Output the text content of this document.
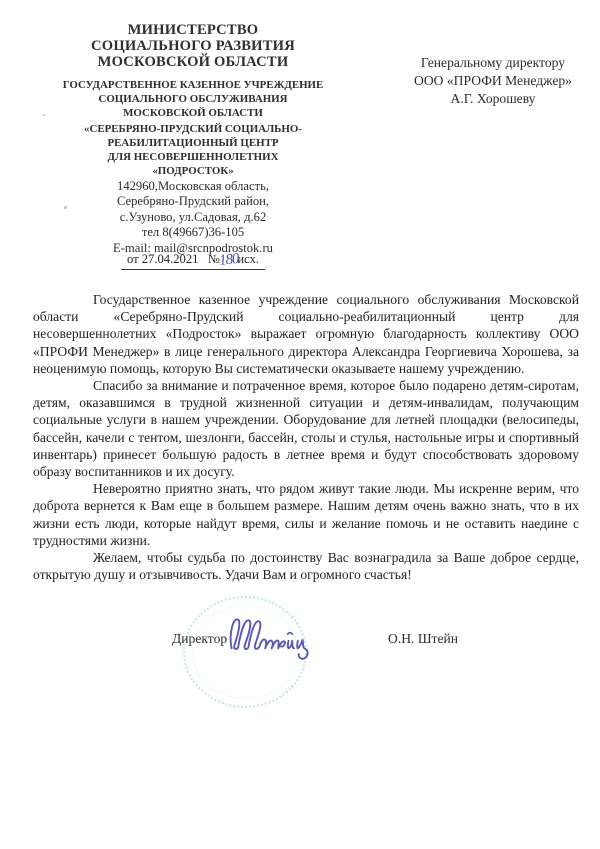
МИНИСТЕРСТВО
СОЦИАЛЬНОГО РАЗВИТИЯ
МОСКОВСКОЙ ОБЛАСТИ
ГОСУДАРСТВЕННОЕ КАЗЕННОЕ УЧРЕЖДЕНИЕ
СОЦИАЛЬНОГО ОБСЛУЖИВАНИЯ
МОСКОВСКОЙ ОБЛАСТИ
«СЕРЕБРЯНО-ПРУДСКИЙ СОЦИАЛЬНО-
РЕАБИЛИТАЦИОННЫЙ ЦЕНТР
ДЛЯ НЕСОВЕРШЕННОЛЕТНИХ
«ПОДРОСТОК»
142960,Московская область,
Серебряно-Прудский район,
с.Узуново, ул.Садовая, д.62
тел 8(49667)36-105
E-mail: mail@srcnpodrostok.ru
от 27.04.2021 №180исх.
Генеральному директору
ООО «ПРОФИ Менеджер»
А.Г. Хорошеву

Государственное казенное учреждение социального обслуживания Московской области «Серебряно-Прудский социально-реабилитационный центр для несовершеннолетних «Подросток» выражает огромную благодарность коллективу ООО «ПРОФИ Менеджер» в лице генерального директора Александра Георгиевича Хорошева, за неоценимую помощь, которую Вы систематически оказываете нашему учреждению.

Спасибо за внимание и потраченное время, которое было подарено детям-сиротам, детям, оказавшимся в трудной жизненной ситуации и детям-инвалидам, получающим социальные услуги в нашем учреждении. Оборудование для летней площадки (велосипеды, бассейн, качели с тентом, шезлонги, бассейн, столы и стулья, настольные игры и спортивный инвентарь) принесет большую радость в летнее время и будут способствовать здоровому образу воспитанников и их досугу.

Невероятно приятно знать, что рядом живут такие люди. Мы искренне верим, что доброта вернется к Вам еще в большем размере. Нашим детям очень важно знать, что в их жизни есть люди, которые найдут время, силы и желание помочь и не оставить наедине с трудностями жизни.

Желаем, чтобы судьба по достоинству Вас вознаградила за Ваше доброе сердце, открытую душу и отзывчивость. Удачи Вам и огромного счастья!

Директор	О.Н. Штейн
